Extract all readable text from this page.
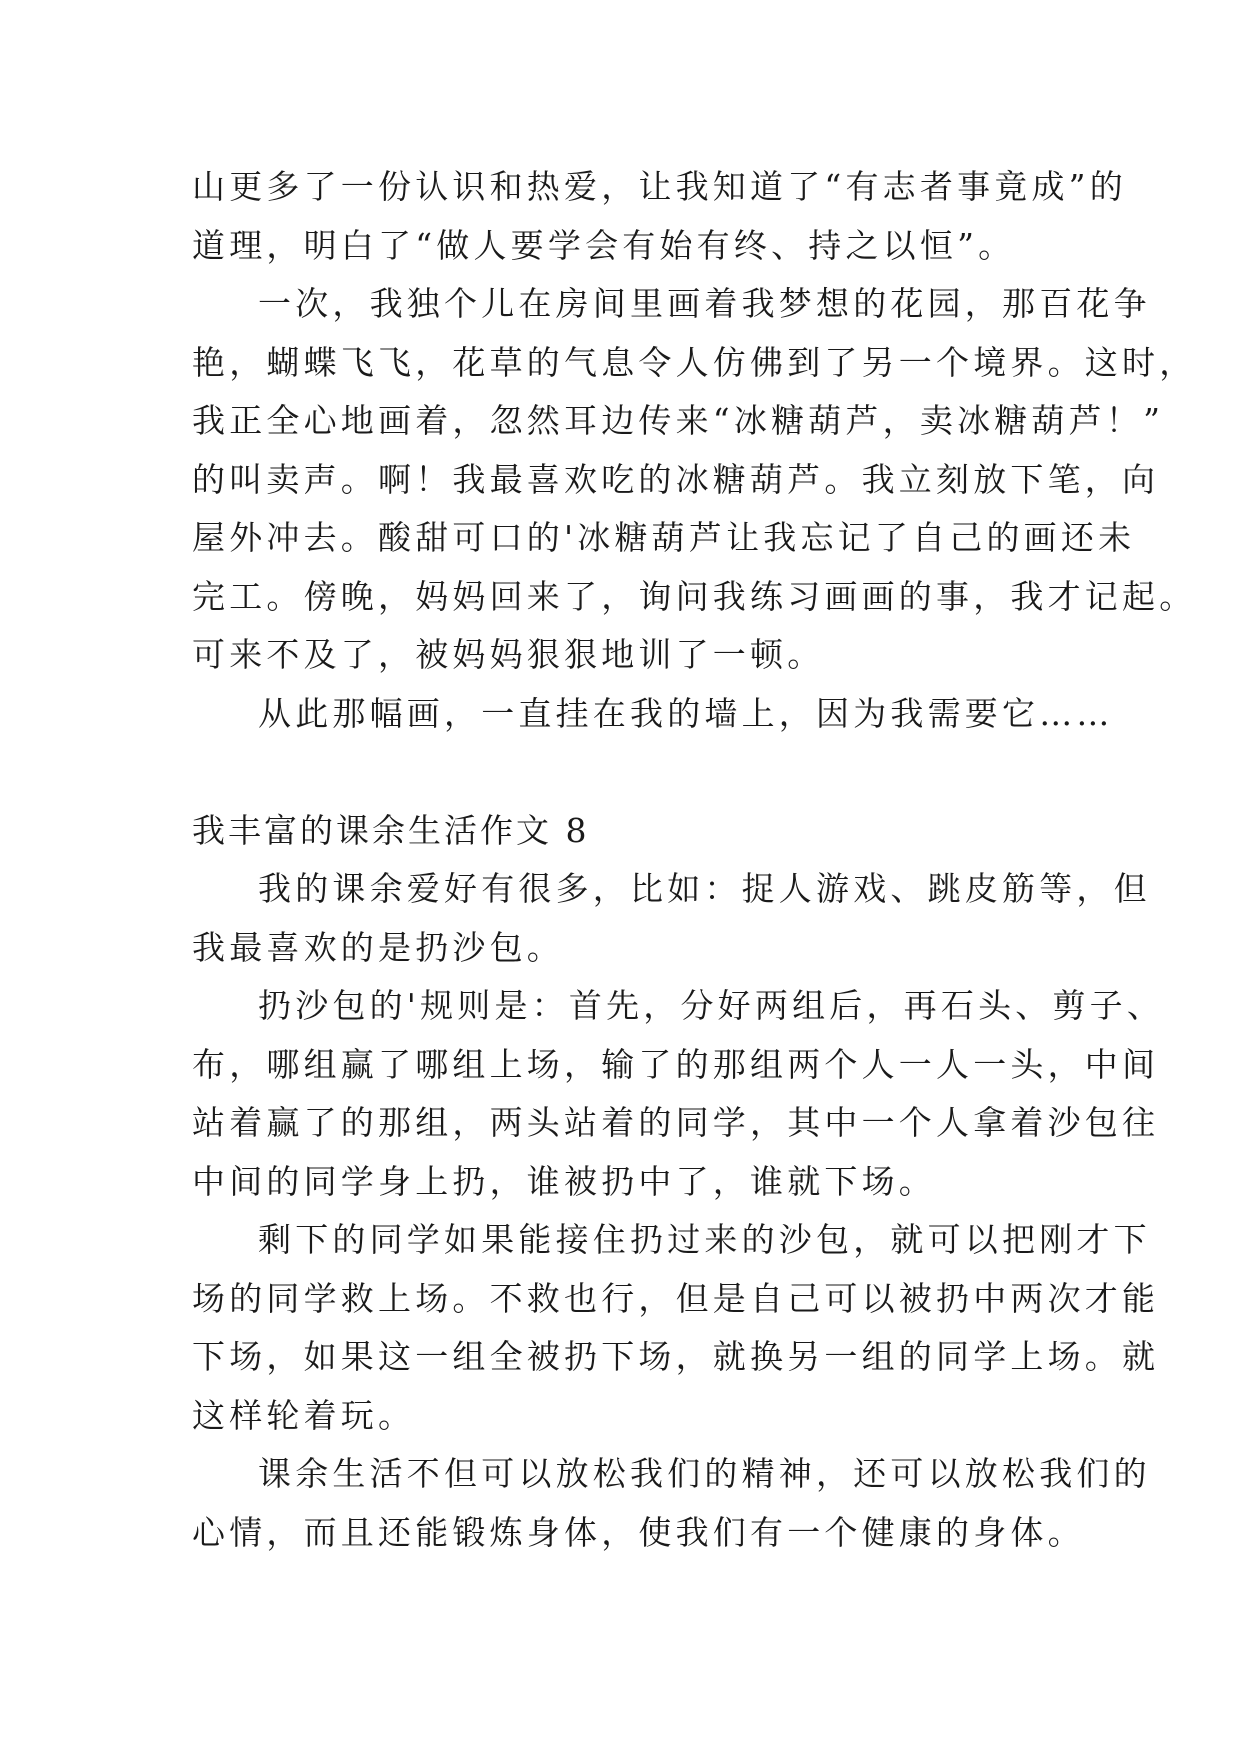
山更多了一份认识和热爱，让我知道了“有志者事竟成”的
道理，明白了“做人要学会有始有终、持之以恒”。
一次，我独个儿在房间里画着我梦想的花园，那百花争
艳，蝴蝶飞飞，花草的气息令人仿佛到了另一个境界。这时，
我正全心地画着，忽然耳边传来“冰糖葫芦，卖冰糖葫芦！”
的叫卖声。啊！我最喜欢吃的冰糖葫芦。我立刻放下笔，向
屋外冲去。酸甜可口的'冰糖葫芦让我忘记了自己的画还未
完工。傍晚，妈妈回来了，询问我练习画画的事，我才记起。
可来不及了，被妈妈狠狠地训了一顿。
从此那幅画，一直挂在我的墙上，因为我需要它……
我丰富的课余生活作文 8
我的课余爱好有很多，比如：捉人游戏、跳皮筋等，但
我最喜欢的是扔沙包。
扔沙包的'规则是：首先，分好两组后，再石头、剪子、
布，哪组赢了哪组上场，输了的那组两个人一人一头，中间
站着赢了的那组，两头站着的同学，其中一个人拿着沙包往
中间的同学身上扔，谁被扔中了，谁就下场。
剩下的同学如果能接住扔过来的沙包，就可以把刚才下
场的同学救上场。不救也行，但是自己可以被扔中两次才能
下场，如果这一组全被扔下场，就换另一组的同学上场。就
这样轮着玩。
课余生活不但可以放松我们的精神，还可以放松我们的
心情，而且还能锻炼身体，使我们有一个健康的身体。
